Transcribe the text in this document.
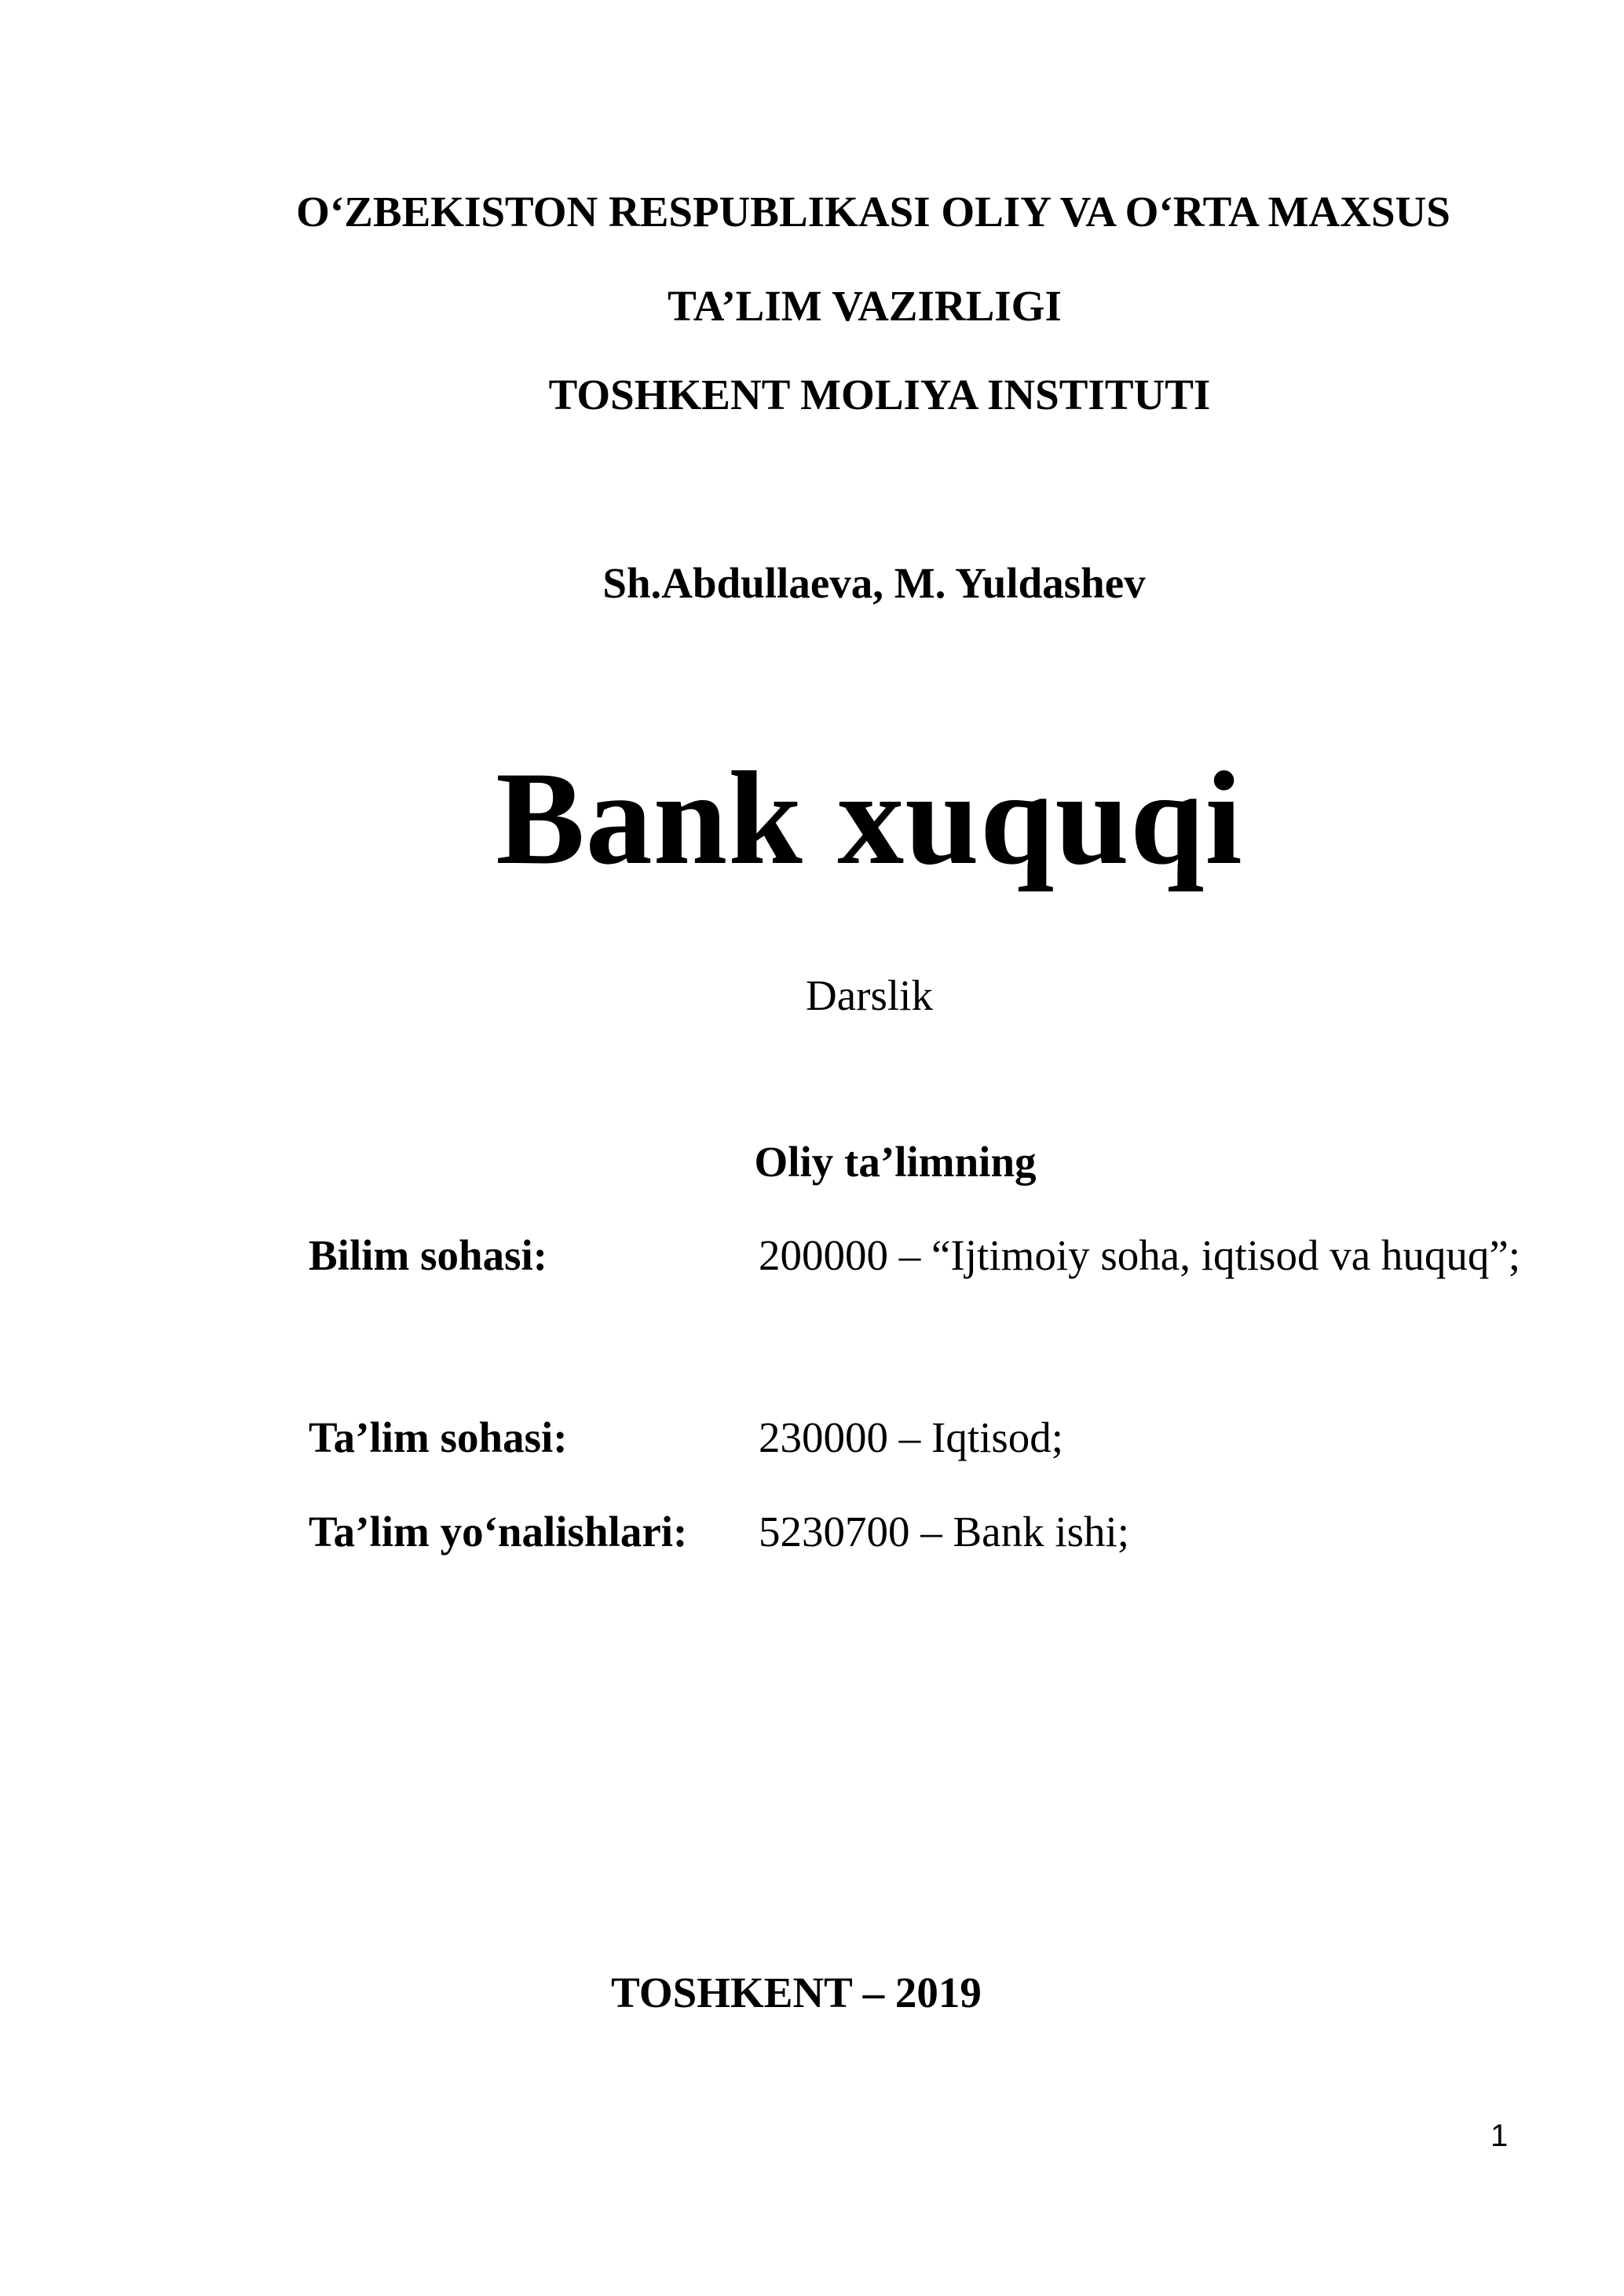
O‘ZBEKISTON RESPUBLIKASI OLIY VA O‘RTA MAXSUS
TA’LIM VAZIRLIGI
TOSHKENT MOLIYA INSTITUTI
Sh.Abdullaeva, M. Yuldashev
Bank xuquqi
Darslik
Oliy ta’limning
Bilim sohasi:	200000 – “Ijtimoiy soha, iqtisod va huquq”;
Ta’lim sohasi:	230000 – Iqtisod;
Ta’lim yo‘nalishlari: 5230700 – Bank ishi;
TOSHKENT – 2019
1
